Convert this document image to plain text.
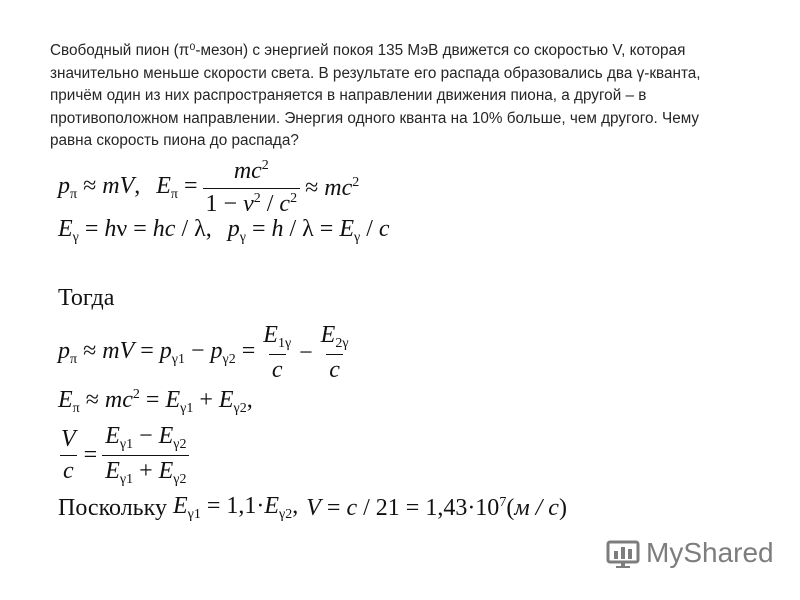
Свободный пион (π⁰-мезон) с энергией покоя 135 МэВ движется со скоростью V, которая

значительно меньше скорости света. В результате его распада образовались два γ-кванта,

причём один из них распространяется в направлении движения пиона, а другой – в

противоположном направлении. Энергия одного кванта на 10% больше, чем другого. Чему

равна скорость пиона до распада?

$p_\pi$ ≈ mV, $E_\pi = \frac{mc^2}{1 - v^2 / c^2} \approx mc^2$
$E_\gamma = h\nu$ = hc / λ, $p_\gamma = h / \lambda = E_\gamma / c$
Тогда
$p_\pi$ ≈ mV = $p_{\gamma 1} - p_{\gamma 2} = \frac{E_{1\gamma}}{c} - \frac{E_{2\gamma}}{c}$
$E_\pi \approx mc^2 = E_{\gamma 1} + E_{\gamma 2}$,
$\frac{V}{c} = \frac{E_{\gamma 1} - E_{\gamma 2}}{E_{\gamma 1} + E_{\gamma 2}}$
Поскольку $E_{\gamma 1} = 1,1\cdot E_{\gamma 2}$, $V = c / 21 = 1,43\cdot 10^7(м / с)$
MyShared
